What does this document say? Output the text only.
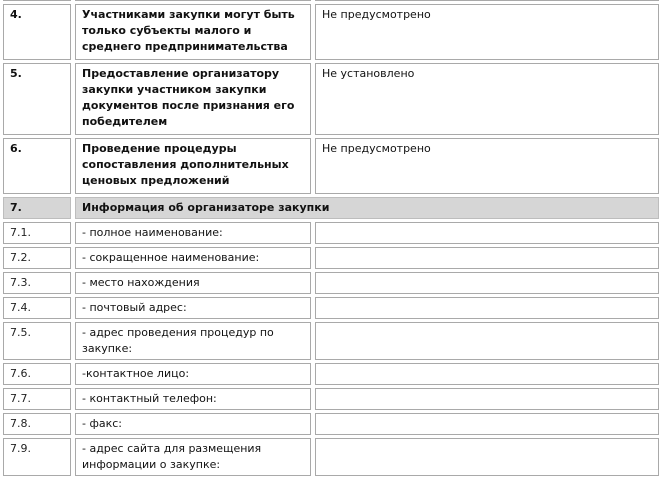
4.	Участниками закупки могут быть только субъекты малого и среднего предпринимательства	Не предусмотрено
5.	Предоставление организатору закупки участником закупки документов после признания его победителем	Не установлено
6.	Проведение процедуры сопоставления дополнительных ценовых предложений	Не предусмотрено
7.	Информация об организаторе закупки	
7.1.	- полное наименование:	
7.2.	- сокращенное наименование:	
7.3.	- место нахождения	
7.4.	- почтовый адрес:	
7.5.	- адрес проведения процедур по закупке:	
7.6.	-контактное лицо:	
7.7.	- контактный телефон:	
7.8.	- факс:	
7.9.	- адрес сайта для размещения информации о закупке:	
